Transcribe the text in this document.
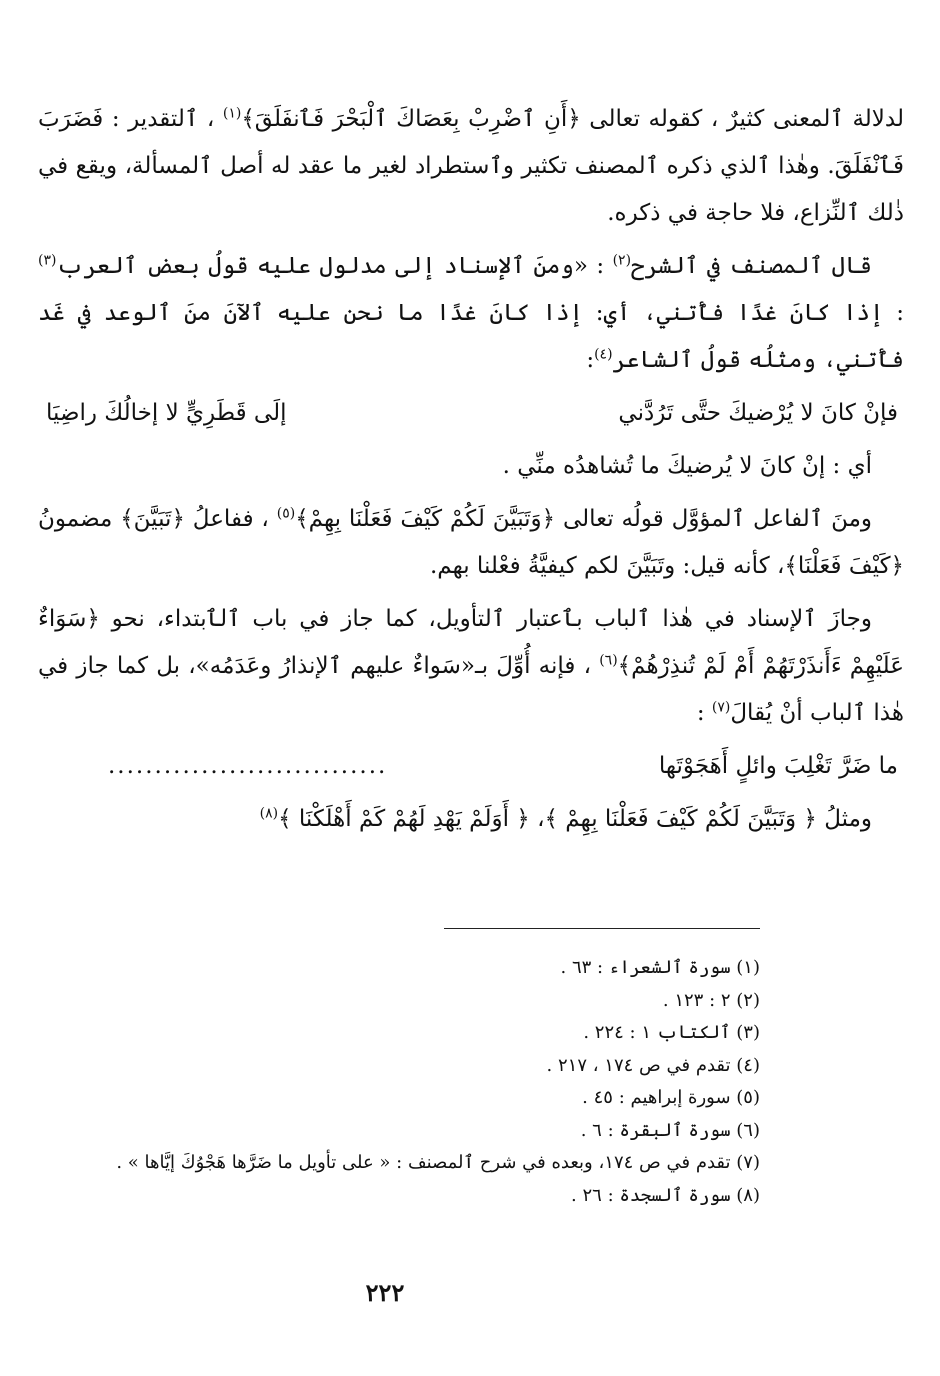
لدلالة ٱلمعنى كثيرٌ ، كقوله تعالى ﴿أَنِ ٱضْرِبْ بِعَصَاكَ ٱلْبَحْرَ فَٱنفَلَقَ﴾$^{(١)}$ ، ٱلتقدير : فَضَرَبَ فَٱنْفَلَقَ. وهٰذا ٱلذي ذكره ٱلمصنف تكثير وٱستطراد لغير ما عقد له أصل ٱلمسألة، ويقع في ذٰلك ٱلنِّزاع، فلا حاجة في ذكره.

قال ٱلمصنف في ٱلشرح$^{(٢)}$ : «ومنَ ٱلإسناد إلى مدلول عليه قولُ بعض ٱلعرب$^{(٣)}$ : إذا كانَ غدًا فأْتني، أي: إذا كانَ غدًا ما نحن عليه ٱلآنَ منَ ٱلوعد في غَد فأْتني، ومثلُه قولُ ٱلشاعر$^{(٤)}$:

فإنْ كانَ لا يُرْضيكَ حتَّى تَرُدَّني
إلَى قَطَرِيٍّ لا إخالُكَ راضِيَا

أي : إنْ كانَ لا يُرضيكَ ما تُشاهدُه منِّي .

ومنَ ٱلفاعل ٱلمؤوَّل قولُه تعالى ﴿وَتَبَيَّنَ لَكُمْ كَيْفَ فَعَلْنَا بِهِمْ﴾$^{(٥)}$ ، ففاعلُ ﴿تَبَيَّنَ﴾ مضمونُ ﴿كَيْفَ فَعَلْنَا﴾، كأنه قيل: وتَبَيَّنَ لكم كيفيَّةُ فعْلنا بهم.

وجازَ ٱلإسناد في هٰذا ٱلباب بٱعتبار ٱلتأويل، كما جاز في باب ٱلٱبتداء، نحو ﴿سَوَاءٌ عَلَيْهِمْ ءَأَنذَرْتَهُمْ أَمْ لَمْ تُنذِرْهُمْ﴾$^{(٦)}$ ، فإنه أُوِّلَ بـ«سَواءٌ عليهم ٱلإنذارُ وعَدَمُه»، بل كما جاز في هٰذا ٱلباب أنْ يُقالَ$^{(٧)}$ :

ما ضَرَّ تَغْلِبَ وائلٍ أَهَجَوْتَها
..............................

ومثلُ ﴿ وَتَبَيَّنَ لَكُمْ كَيْفَ فَعَلْنَا بِهِمْ ﴾، ﴿ أَوَلَمْ يَهْدِ لَهُمْ كَمْ أَهْلَكْنَا ﴾$^{(٨)}$

(١) سورة ٱلشعراء : ٦٣ .
(٢) ٢ : ١٢٣ .
(٣) ٱلكتاب ١ : ٢٢٤ .
(٤) تقدم في ص ١٧٤ ، ٢١٧ .
(٥) سورة إبراهيم : ٤٥ .
(٦) سورة ٱلبقرة : ٦ .
(٧) تقدم في ص ١٧٤، وبعده في شرح ٱلمصنف : « على تأويل ما ضَرَّها هَجْوُكَ إيَّاها » .
(٨) سورة ٱلسجدة : ٢٦ .
٢٢٢
